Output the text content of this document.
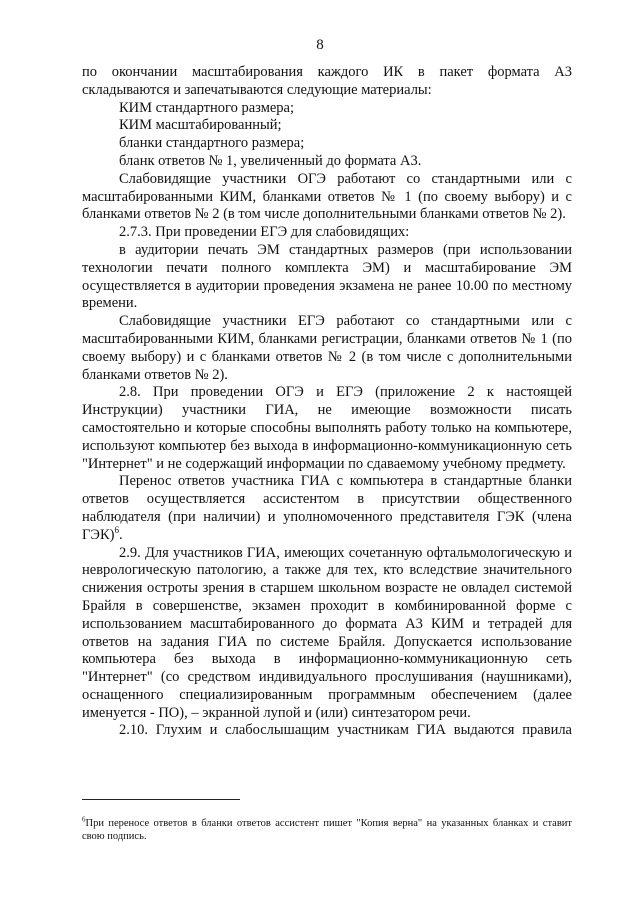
8

по окончании масштабирования каждого ИК в пакет формата А3 складываются и запечатываются следующие материалы:

КИМ стандартного размера;

КИМ масштабированный;

бланки стандартного размера;

бланк ответов № 1, увеличенный до формата А3.

Слабовидящие участники ОГЭ работают со стандартными или с масштабированными КИМ, бланками ответов № 1 (по своему выбору) и с бланками ответов № 2 (в том числе дополнительными бланками ответов № 2).

2.7.3. При проведении ЕГЭ для слабовидящих:

в аудитории печать ЭМ стандартных размеров (при использовании технологии печати полного комплекта ЭМ) и масштабирование ЭМ осуществляется в аудитории проведения экзамена не ранее 10.00 по местному времени.

Слабовидящие участники ЕГЭ работают со стандартными или с масштабированными КИМ, бланками регистрации, бланками ответов № 1 (по своему выбору) и с бланками ответов № 2 (в том числе с дополнительными бланками ответов № 2).

2.8. При проведении ОГЭ и ЕГЭ (приложение 2 к настоящей Инструкции) участники ГИА, не имеющие возможности писать самостоятельно и которые способны выполнять работу только на компьютере, используют компьютер без выхода в информационно-коммуникационную сеть "Интернет" и не содержащий информации по сдаваемому учебному предмету.

Перенос ответов участника ГИА с компьютера в стандартные бланки ответов осуществляется ассистентом в присутствии общественного наблюдателя (при наличии) и уполномоченного представителя ГЭК (члена ГЭК)$^6$.

2.9. Для участников ГИА, имеющих сочетанную офтальмологическую и неврологическую патологию, а также для тех, кто вследствие значительного снижения остроты зрения в старшем школьном возрасте не овладел системой Брайля в совершенстве, экзамен проходит в комбинированной форме с использованием масштабированного до формата А3 КИМ и тетрадей для ответов на задания ГИА по системе Брайля. Допускается использование компьютера без выхода в информационно-коммуникационную сеть "Интернет" (со средством индивидуального прослушивания (наушниками), оснащенного специализированным программным обеспечением (далее именуется - ПО), – экранной лупой и (или) синтезатором речи.

2.10. Глухим и слабослышащим участникам ГИА выдаются правила

$^6$При переносе ответов в бланки ответов ассистент пишет "Копия верна" на указанных бланках и ставит свою подпись.
